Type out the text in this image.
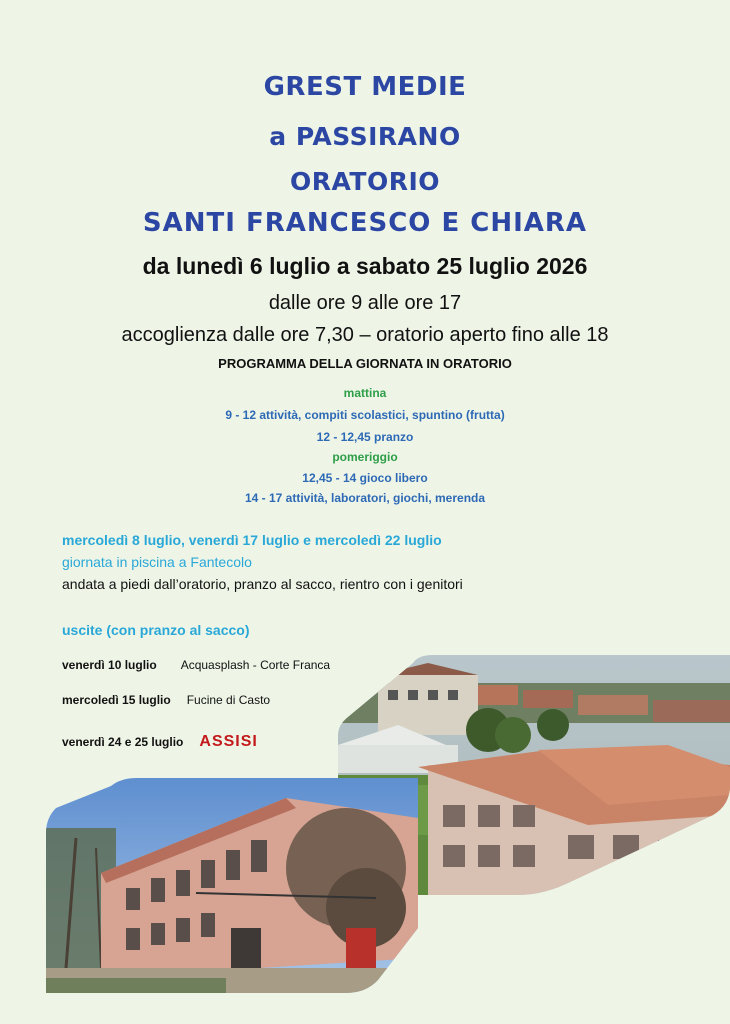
GREST MEDIE
a PASSIRANO
ORATORIO
SANTI FRANCESCO E CHIARA
da lunedì 6 luglio a sabato 25 luglio 2026
dalle ore 9 alle ore 17
accoglienza dalle ore 7,30 – oratorio aperto fino alle 18
PROGRAMMA DELLA GIORNATA IN ORATORIO
mattina
9 - 12 attività, compiti scolastici, spuntino (frutta)
12 - 12,45 pranzo
pomeriggio
12,45 - 14 gioco libero
14 - 17 attività, laboratori, giochi, merenda
mercoledì 8 luglio, venerdì 17 luglio e mercoledì 22 luglio
giornata in piscina a Fantecolo
andata a piedi dall’oratorio, pranzo al sacco, rientro con i genitori
uscite (con pranzo al sacco)
venerdì 10 luglio Acquasplash - Corte Franca
mercoledì 15 luglio Fucine di Casto
venerdì 24 e 25 luglio ASSISI
